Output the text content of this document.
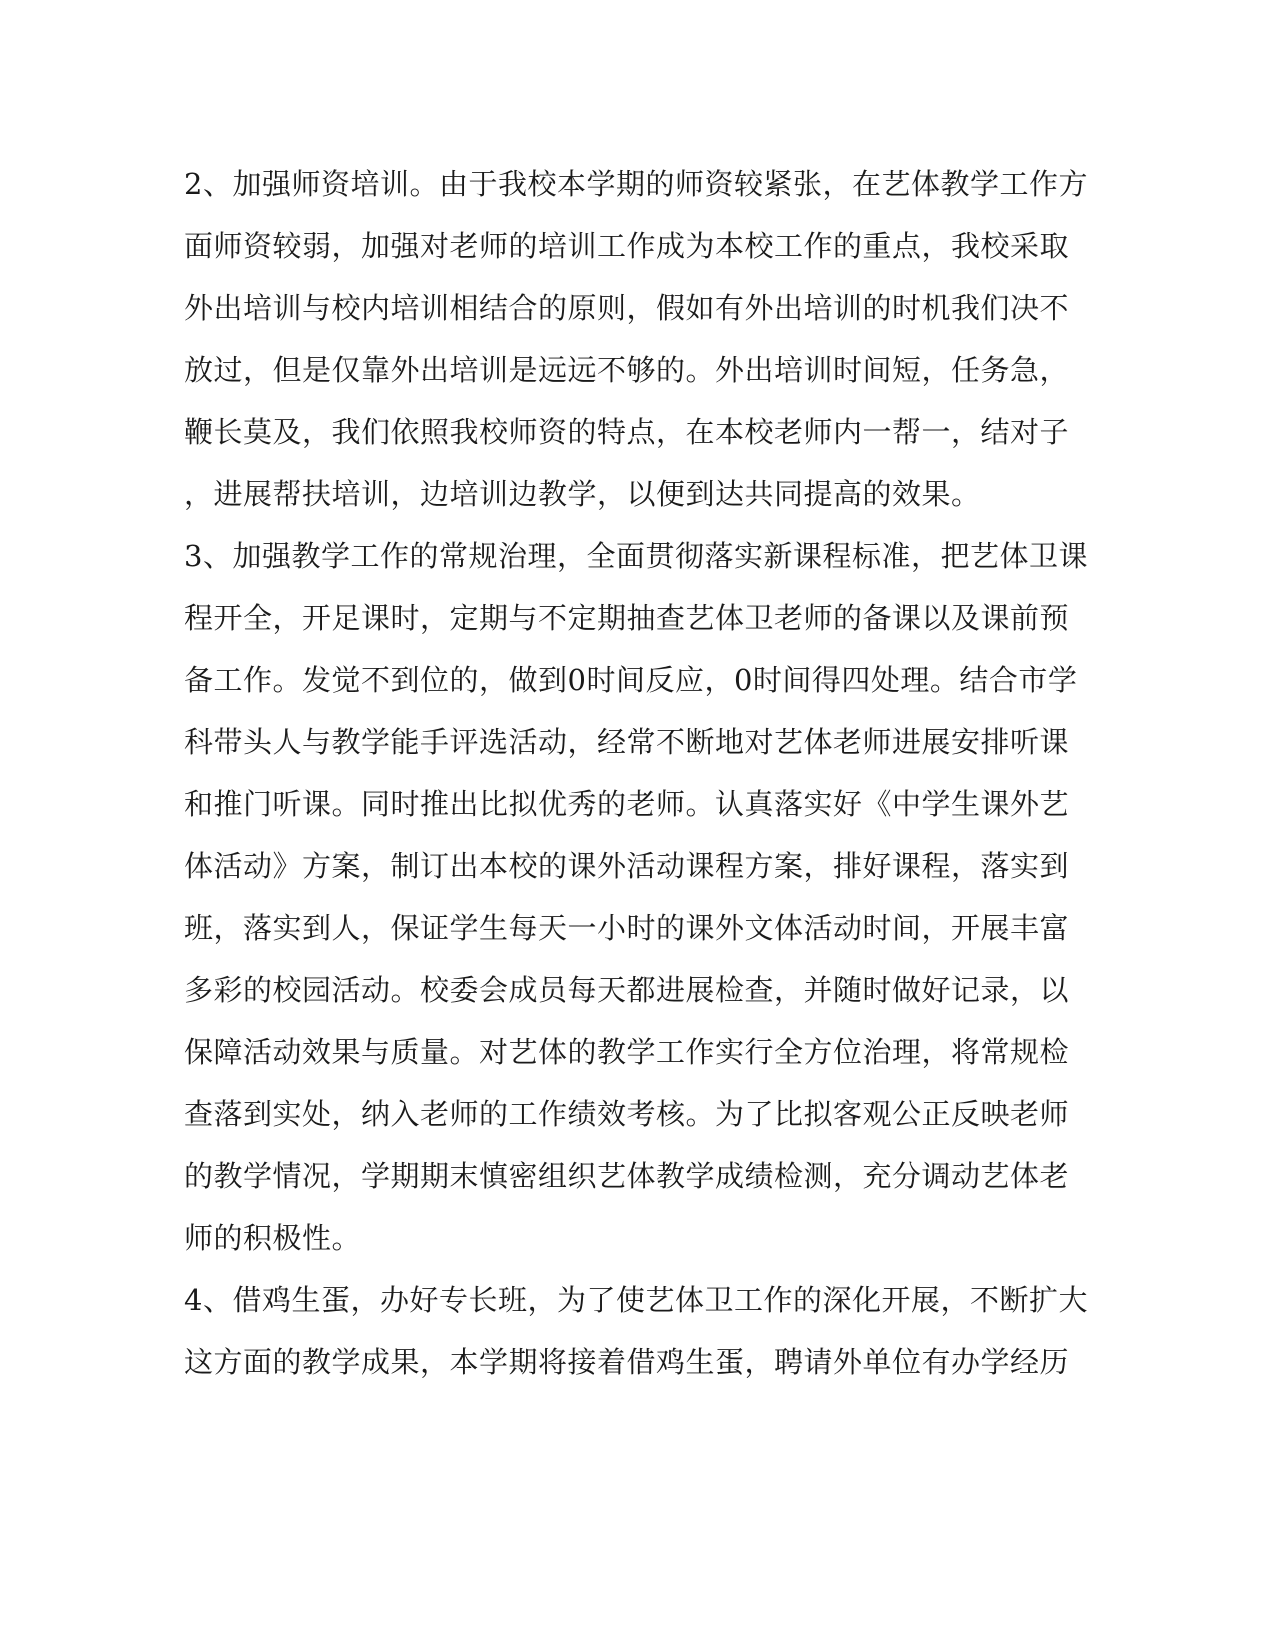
2、加强师资培训。由于我校本学期的师资较紧张，在艺体教学工作方
面师资较弱，加强对老师的培训工作成为本校工作的重点，我校采取
外出培训与校内培训相结合的原则，假如有外出培训的时机我们决不
放过，但是仅靠外出培训是远远不够的。外出培训时间短，任务急，
鞭长莫及，我们依照我校师资的特点，在本校老师内一帮一，结对子
，进展帮扶培训，边培训边教学，以便到达共同提高的效果。
3、加强教学工作的常规治理，全面贯彻落实新课程标准，把艺体卫课
程开全，开足课时，定期与不定期抽查艺体卫老师的备课以及课前预
备工作。发觉不到位的，做到0时间反应，0时间得四处理。结合市学
科带头人与教学能手评选活动，经常不断地对艺体老师进展安排听课
和推门听课。同时推出比拟优秀的老师。认真落实好《中学生课外艺
体活动》方案，制订出本校的课外活动课程方案，排好课程，落实到
班，落实到人，保证学生每天一小时的课外文体活动时间，开展丰富
多彩的校园活动。校委会成员每天都进展检查，并随时做好记录，以
保障活动效果与质量。对艺体的教学工作实行全方位治理，将常规检
查落到实处，纳入老师的工作绩效考核。为了比拟客观公正反映老师
的教学情况，学期期末慎密组织艺体教学成绩检测，充分调动艺体老
师的积极性。
4、借鸡生蛋，办好专长班，为了使艺体卫工作的深化开展，不断扩大
这方面的教学成果，本学期将接着借鸡生蛋，聘请外单位有办学经历
